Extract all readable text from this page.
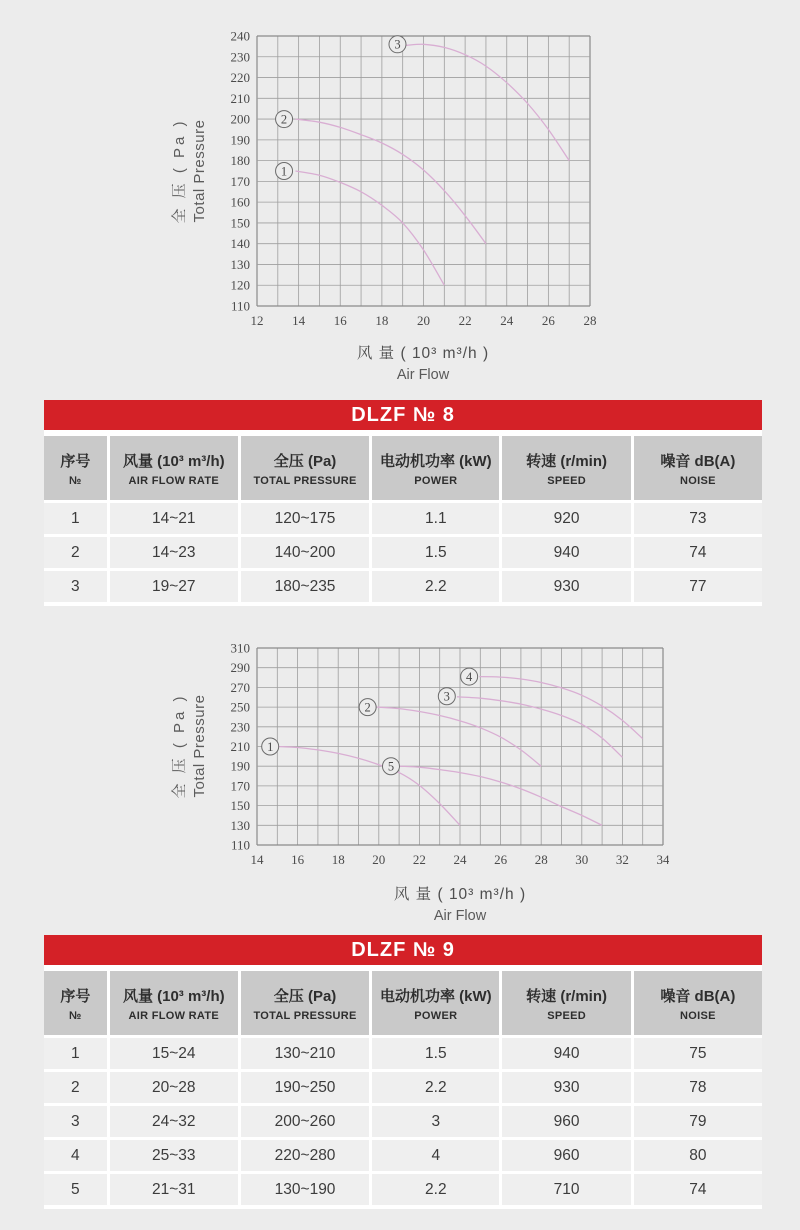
全 压 ( Pa ) Total Pressure
110
120
130
140
150
160
170
180
190
200
210
220
230
240
12 14 16 18 20 22 24 26 28
1
2
3
风 量 ( 10³ m³/h )
Air Flow
DLZF № 8
序号
№
风量 (10³ m³/h)
AIR FLOW RATE
全压 (Pa)
TOTAL PRESSURE
电动机功率 (kW)
POWER
转速 (r/min)
SPEED
噪音 dB(A)
NOISE
1	14~21	120~175	1.1	920	73
2	14~23	140~200	1.5	940	74
3	19~27	180~235	2.2	930	77
全 压 ( Pa ) Total Pressure
110
130
150
170
190
210
230
250
270
290
310
14 16 18 20 22 24 26 28 30 32 34
1
2
3
4
5
风 量 ( 10³ m³/h )
Air Flow
DLZF № 9
序号
№
风量 (10³ m³/h)
AIR FLOW RATE
全压 (Pa)
TOTAL PRESSURE
电动机功率 (kW)
POWER
转速 (r/min)
SPEED
噪音 dB(A)
NOISE
1	15~24	130~210	1.5	940	75
2	20~28	190~250	2.2	930	78
3	24~32	200~260	3	960	79
4	25~33	220~280	4	960	80
5	21~31	130~190	2.2	710	74
